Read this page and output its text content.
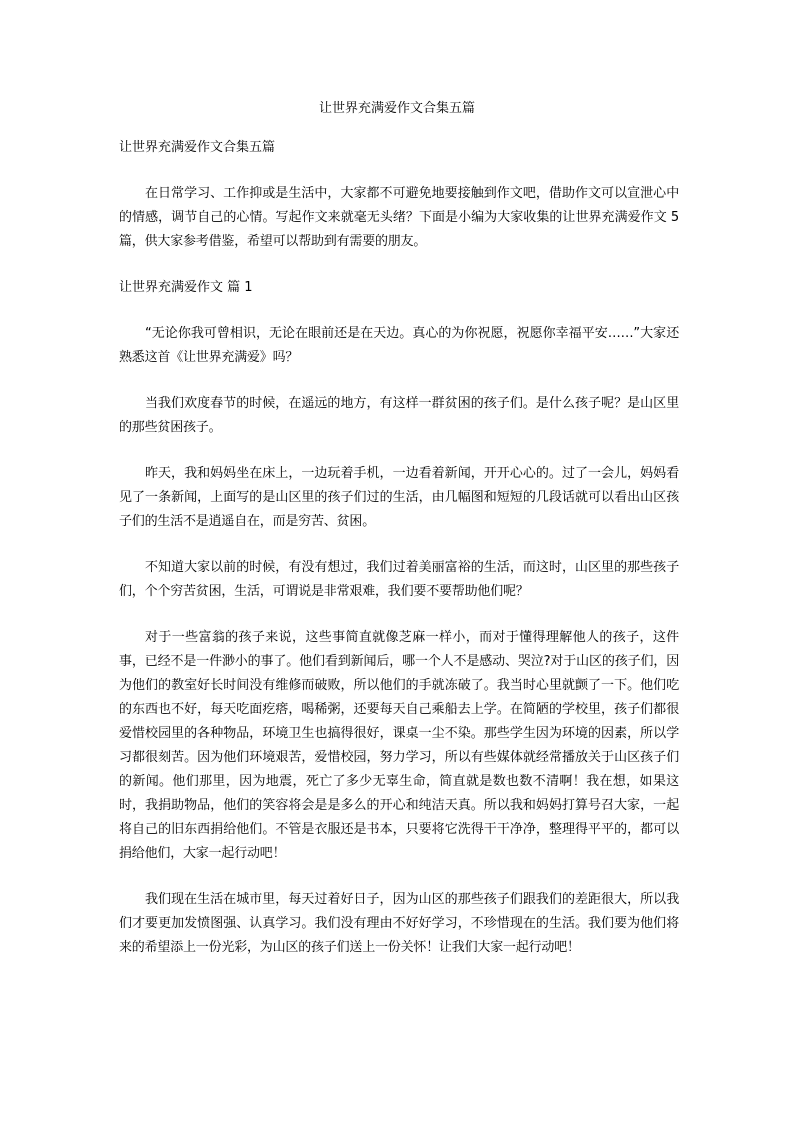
让世界充满爱作文合集五篇
让世界充满爱作文合集五篇

在日常学习、工作抑或是生活中，大家都不可避免地要接触到作文吧，借助作文可以宣泄心中的情感，调节自己的心情。写起作文来就毫无头绪？下面是小编为大家收集的让世界充满爱作文 5 篇，供大家参考借鉴，希望可以帮助到有需要的朋友。

让世界充满爱作文 篇 1

“无论你我可曾相识，无论在眼前还是在天边。真心的为你祝愿，祝愿你幸福平安……”大家还熟悉这首《让世界充满爱》吗？

当我们欢度春节的时候，在遥远的地方，有这样一群贫困的孩子们。是什么孩子呢？是山区里的那些贫困孩子。

昨天，我和妈妈坐在床上，一边玩着手机，一边看着新闻，开开心心的。过了一会儿，妈妈看见了一条新闻，上面写的是山区里的孩子们过的生活，由几幅图和短短的几段话就可以看出山区孩子们的生活不是逍遥自在，而是穷苦、贫困。

不知道大家以前的时候，有没有想过，我们过着美丽富裕的生活，而这时，山区里的那些孩子们，个个穷苦贫困，生活，可谓说是非常艰难，我们要不要帮助他们呢？

对于一些富翁的孩子来说，这些事简直就像芝麻一样小，而对于懂得理解他人的孩子，这件事，已经不是一件渺小的事了。他们看到新闻后，哪一个人不是感动、哭泣?对于山区的孩子们，因为他们的教室好长时间没有维修而破败，所以他们的手就冻破了。我当时心里就颤了一下。他们吃的东西也不好，每天吃面疙瘩，喝稀粥，还要每天自己乘船去上学。在简陋的学校里，孩子们都很爱惜校园里的各种物品，环境卫生也搞得很好，课桌一尘不染。那些学生因为环境的因素，所以学习都很刻苦。因为他们环境艰苦，爱惜校园，努力学习，所以有些媒体就经常播放关于山区孩子们的新闻。他们那里，因为地震，死亡了多少无辜生命，简直就是数也数不清啊！我在想，如果这时，我捐助物品，他们的笑容将会是是多么的开心和纯洁天真。所以我和妈妈打算号召大家，一起将自己的旧东西捐给他们。不管是衣服还是书本，只要将它洗得干干净净，整理得平平的，都可以捐给他们，大家一起行动吧！

我们现在生活在城市里，每天过着好日子，因为山区的那些孩子们跟我们的差距很大，所以我们才要更加发愤图强、认真学习。我们没有理由不好好学习，不珍惜现在的生活。我们要为他们将来的希望添上一份光彩，为山区的孩子们送上一份关怀！让我们大家一起行动吧！
